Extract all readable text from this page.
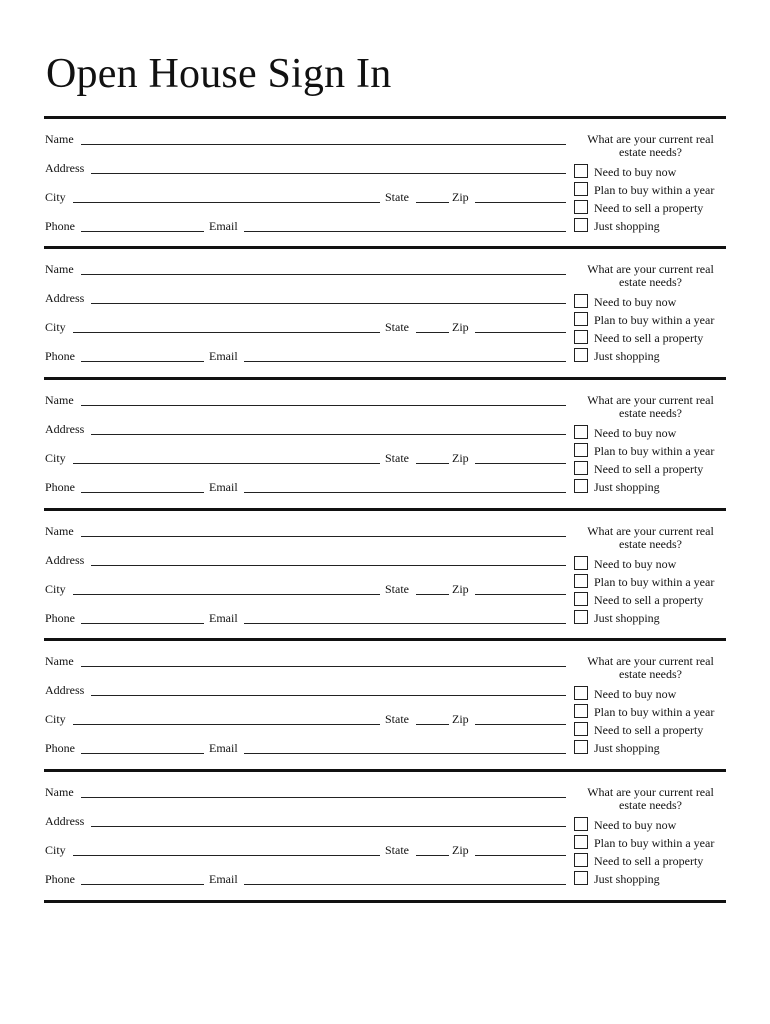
Open House Sign In
Name
Address
City	State	Zip
Phone	Email
What are your current real estate needs?
Need to buy now
Plan to buy within a year
Need to sell a property
Just shopping
Name
Address
City	State	Zip
Phone	Email
What are your current real estate needs?
Need to buy now
Plan to buy within a year
Need to sell a property
Just shopping
Name
Address
City	State	Zip
Phone	Email
What are your current real estate needs?
Need to buy now
Plan to buy within a year
Need to sell a property
Just shopping
Name
Address
City	State	Zip
Phone	Email
What are your current real estate needs?
Need to buy now
Plan to buy within a year
Need to sell a property
Just shopping
Name
Address
City	State	Zip
Phone	Email
What are your current real estate needs?
Need to buy now
Plan to buy within a year
Need to sell a property
Just shopping
Name
Address
City	State	Zip
Phone	Email
What are your current real estate needs?
Need to buy now
Plan to buy within a year
Need to sell a property
Just shopping
